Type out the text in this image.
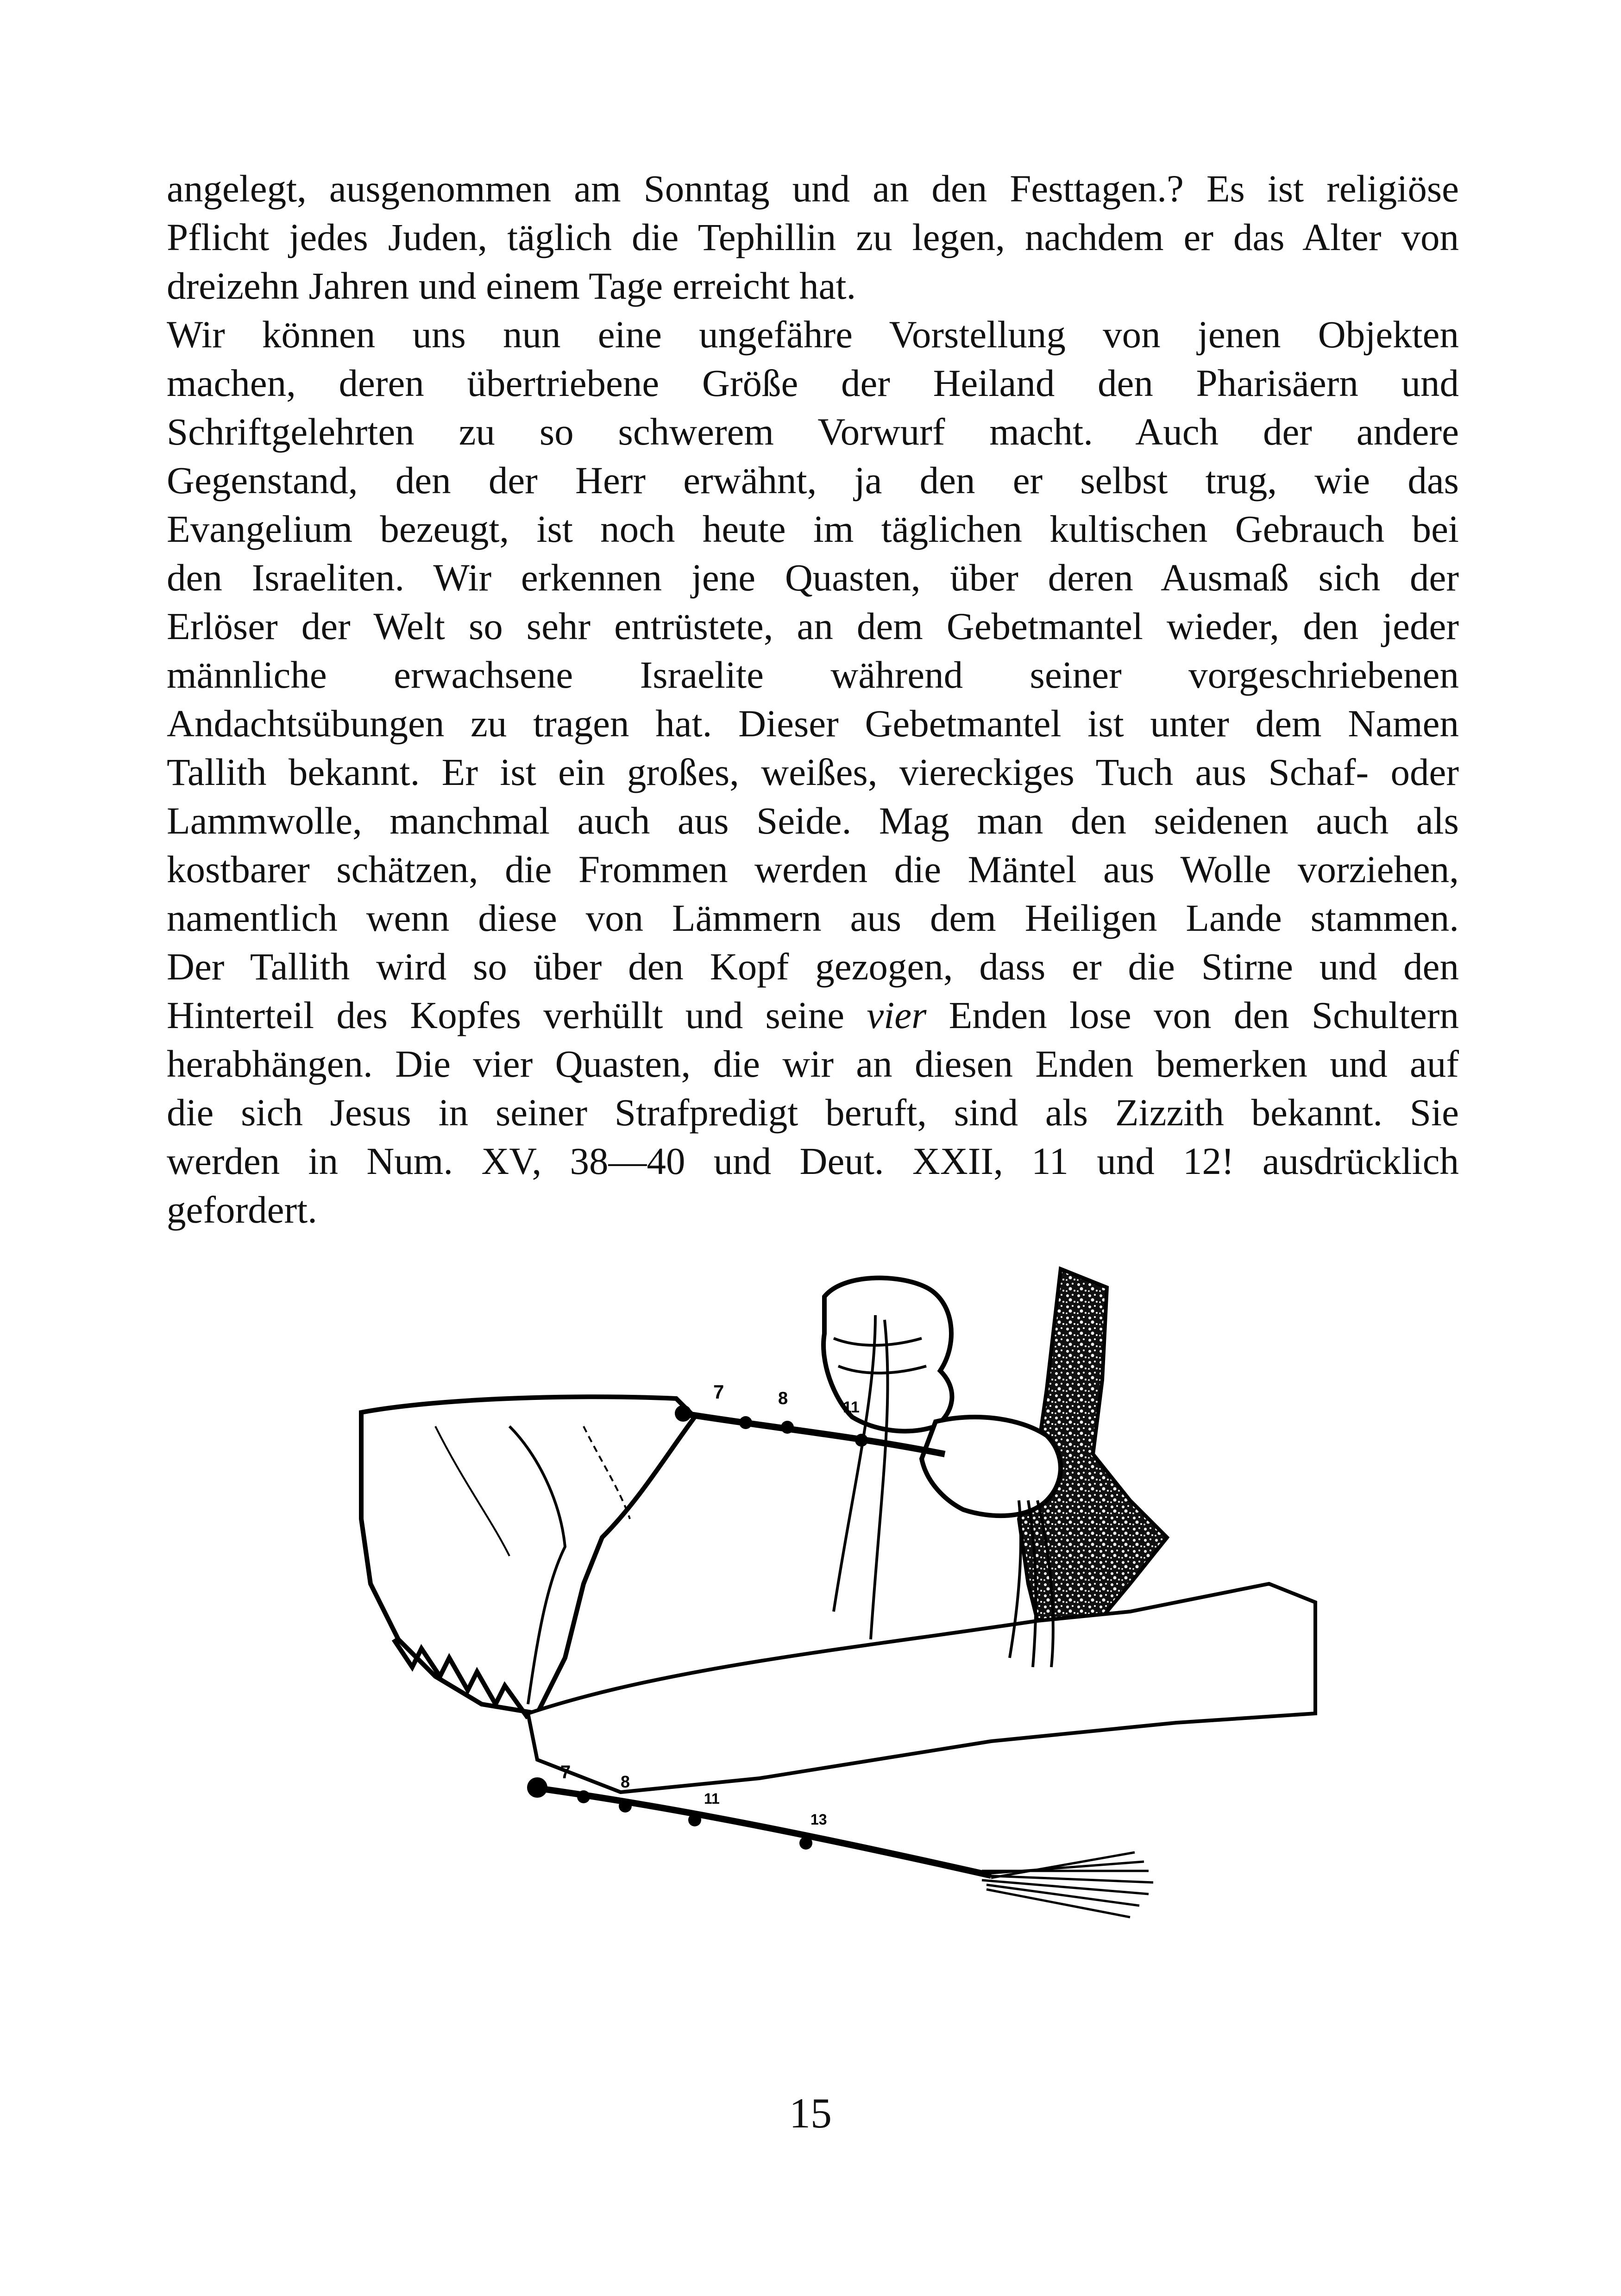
angelegt, ausgenommen am Sonntag und an den Festtagen.? Es ist religiöse
Pflicht jedes Juden, täglich die Tephillin zu legen, nachdem er das Alter von
dreizehn Jahren und einem Tage erreicht hat.
Wir können uns nun eine ungefähre Vorstellung von jenen Objekten
machen, deren übertriebene Größe der Heiland den Pharisäern und
Schriftgelehrten zu so schwerem Vorwurf macht. Auch der andere
Gegenstand, den der Herr erwähnt, ja den er selbst trug, wie das
Evangelium bezeugt, ist noch heute im täglichen kultischen Gebrauch bei
den Israeliten. Wir erkennen jene Quasten, über deren Ausmaß sich der
Erlöser der Welt so sehr entrüstete, an dem Gebetmantel wieder, den jeder
männliche erwachsene Israelite während seiner vorgeschriebenen
Andachtsübungen zu tragen hat. Dieser Gebetmantel ist unter dem Namen
Tallith bekannt. Er ist ein großes, weißes, viereckiges Tuch aus Schaf- oder
Lammwolle, manchmal auch aus Seide. Mag man den seidenen auch als
kostbarer schätzen, die Frommen werden die Mäntel aus Wolle vorziehen,
namentlich wenn diese von Lämmern aus dem Heiligen Lande stammen.
Der Tallith wird so über den Kopf gezogen, dass er die Stirne und den
Hinterteil des Kopfes verhüllt und seine vier Enden lose von den Schultern
herabhängen. Die vier Quasten, die wir an diesen Enden bemerken und auf
die sich Jesus in seiner Strafpredigt beruft, sind als Zizzith bekannt. Sie
werden in Num. XV, 38—40 und Deut. XXII, 11 und 12! ausdrücklich
gefordert.
7	8	11
7	8
11
13
15
